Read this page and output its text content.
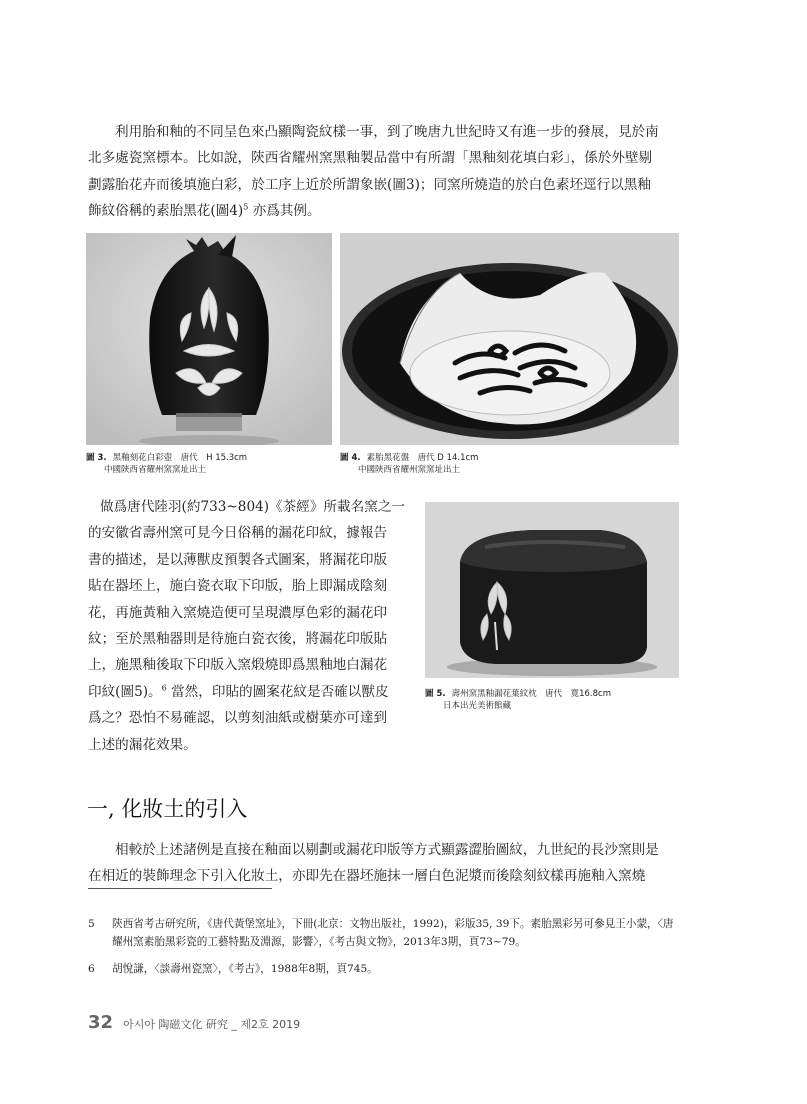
利用胎和釉的不同呈色來凸顯陶瓷紋樣一事，到了晚唐九世紀時又有進一步的發展，見於南
北多處瓷窯標本。比如說，陝西省耀州窯黑釉製品當中有所謂「黑釉刻花填白彩」，係於外壁剔
劃露胎花卉而後填施白彩，於工序上近於所謂象嵌(圖3)；同窯所燒造的於白色素坯逕行以黑釉
飾紋俗稱的素胎黑花(圖4)$^5$ 亦爲其例。
圖 3. 黑釉刻花白彩壺　唐代　H 15.3cm
中國陝西省耀州窯窯址出土
圖 4. 素胎黑花盤　唐代 D 14.1cm
中國陝西省耀州窯窯址出土
做爲唐代陸羽(約733~804)《茶經》所載名窯之一
的安徽省壽州窯可見今日俗稱的漏花印紋，據報告
書的描述，是以薄獸皮預製各式圖案，將漏花印版
貼在器坯上，施白瓷衣取下印版，胎上即漏成陰刻
花，再施黃釉入窯燒造便可呈現濃厚色彩的漏花印
紋；至於黑釉器則是待施白瓷衣後，將漏花印版貼
上，施黑釉後取下印版入窯煅燒即爲黑釉地白漏花
印紋(圖5)。$^6$ 當然，印貼的圖案花紋是否確以獸皮
爲之？恐怕不易確認，以剪刻油紙或樹葉亦可達到
上述的漏花效果。
圖 5. 壽州窯黑釉漏花葉紋枕　唐代　寬16.8cm
日本出光美術館藏
一, 化妝土的引入
相較於上述諸例是直接在釉面以剔劃或漏花印版等方式顯露澀胎圖紋，九世紀的長沙窯則是
在相近的裝飾理念下引入化妝土，亦即先在器坯施抹一層白色泥漿而後陰刻紋樣再施釉入窯燒
5	陝西省考古研究所，《唐代黃堡窯址》，下冊(北京：文物出版社，1992)，彩版35, 39下。素胎黑彩另可參見王小蒙，〈唐
耀州窯素胎黑彩瓷的工藝特點及淵源，影響〉，《考古與文物》，2013年3期，頁73~79。
6	胡悅謙，〈談壽州瓷窯〉，《考古》，1988年8期，頁745。
32 아시아 陶磁文化 硏究 _ 제2호 2019
